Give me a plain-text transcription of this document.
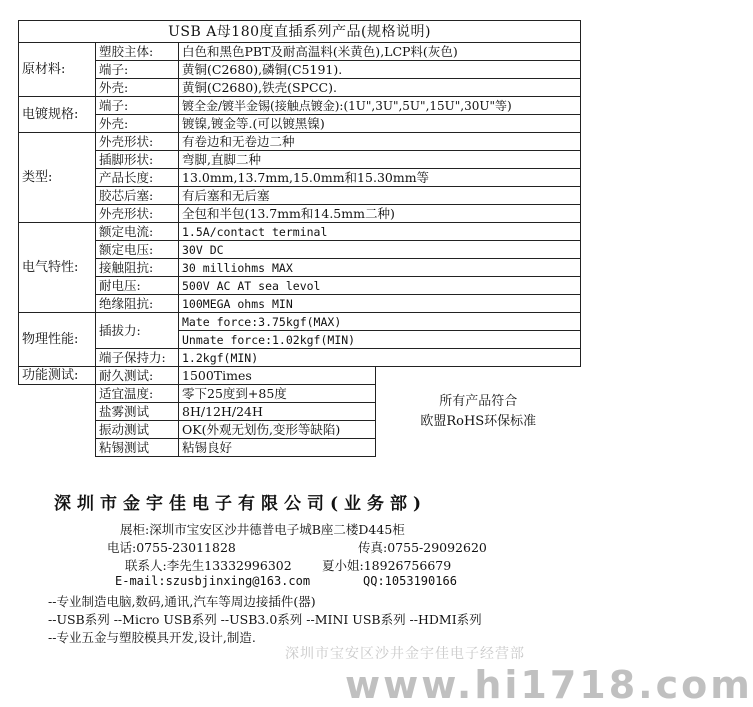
USB A母180度直插系列产品(规格说明)			
原材料:	塑胶主体:	白色和黑色PBT及耐高温料(米黄色),LCP料(灰色)	
	端子:	黄铜(C2680),磷铜(C5191).	
	外壳:	黄铜(C2680),铁壳(SPCC).	
电镀规格:	端子:	镀全金/镀半金锡(接触点镀金):(1U",3U",5U",15U",30U"等)	
	外壳:	镀镍,镀金等.(可以镀黑镍)	
类型:	外壳形状:	有卷边和无卷边二种	
	插脚形状:	弯脚,直脚二种	
	产品长度:	13.0mm,13.7mm,15.0mm和15.30mm等	
	胶芯后塞:	有后塞和无后塞	
	外壳形状:	全包和半包(13.7mm和14.5mm二种)	
电气特性:	额定电流:	1.5A/contact terminal	
	额定电压:	30V DC	
	接触阻抗:	30 milliohms MAX	
	耐电压:	500V AC AT sea levol	
	绝缘阻抗:	100MEGA ohms MIN	
物理性能:	插拔力:	Mate force:3.75kgf(MAX)	
		Unmate force:1.02kgf(MIN)	
	端子保持力:	1.2kgf(MIN)	
功能测试:	耐久测试:	1500Times	所有产品符合
欧盟RoHS环保标准

	适宜温度:	零下25度到+85度	
	盐雾测试	8H/12H/24H	
	振动测试	OK(外观无划伤,变形等缺陷)	
	粘锡测试	粘锡良好	
深圳市金宇佳电子有限公司(业务部)
展柜:深圳市宝安区沙井德普电子城B座二楼D445柜
电话:0755-23011828	传真:0755-29092620
联系人:李先生13332996302 夏小姐:18926756679
E-mail:szusbjinxing@163.com	QQ:1053190166
--专业制造电脑,数码,通讯,汽车等周边接插件(器)
--USB系列 --Micro USB系列 --USB3.0系列 --MINI USB系列 --HDMI系列
--专业五金与塑胶模具开发,设计,制造.
深圳市宝安区沙井金宇佳电子经营部
www.hi1718.com
